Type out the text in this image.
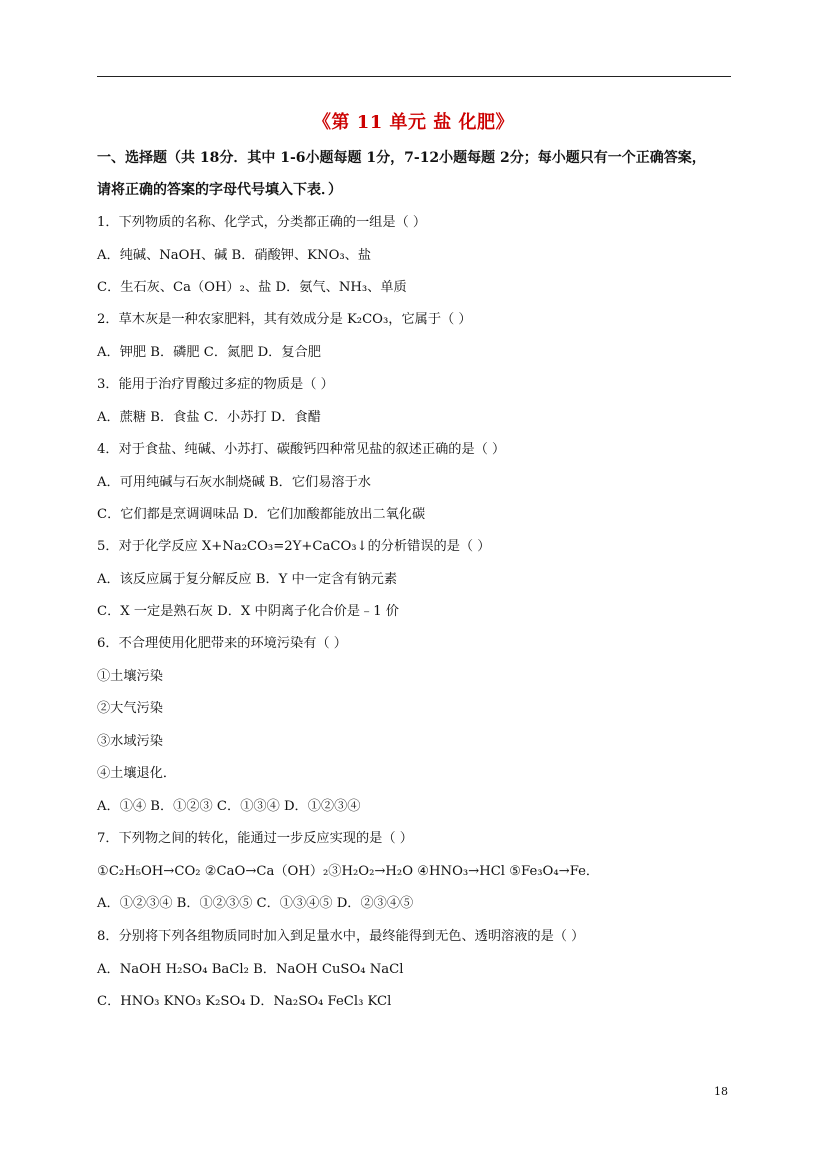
《第 11 单元 盐 化肥》
一、选择题（共 18分．其中 1-6小题每题 1分，7-12小题每题 2分；每小题只有一个正确答案，
请将正确的答案的字母代号填入下表．）
1．下列物质的名称、化学式，分类都正确的一组是（ ）
A．纯碱、NaOH、碱 B．硝酸钾、KNO₃、盐
C．生石灰、Ca（OH）₂、盐 D．氨气、NH₃、单质
2．草木灰是一种农家肥料，其有效成分是 K₂CO₃，它属于（ ）
A．钾肥 B．磷肥 C．氮肥 D．复合肥
3．能用于治疗胃酸过多症的物质是（ ）
A．蔗糖 B．食盐 C．小苏打 D．食醋
4．对于食盐、纯碱、小苏打、碳酸钙四种常见盐的叙述正确的是（ ）
A．可用纯碱与石灰水制烧碱 B．它们易溶于水
C．它们都是烹调调味品 D．它们加酸都能放出二氧化碳
5．对于化学反应 X+Na₂CO₃=2Y+CaCO₃↓的分析错误的是（ ）
A．该反应属于复分解反应 B．Y 中一定含有钠元素
C．X 一定是熟石灰 D．X 中阴离子化合价是﹣1 价
6．不合理使用化肥带来的环境污染有（ ）
①土壤污染
②大气污染
③水域污染
④土壤退化．
A．①④ B．①②③ C．①③④ D．①②③④
7．下列物之间的转化，能通过一步反应实现的是（ ）
①C₂H₅OH→CO₂ ②CaO→Ca（OH）₂③H₂O₂→H₂O ④HNO₃→HCl ⑤Fe₃O₄→Fe．
A．①②③④ B．①②③⑤ C．①③④⑤ D．②③④⑤
8．分别将下列各组物质同时加入到足量水中，最终能得到无色、透明溶液的是（ ）
A．NaOH H₂SO₄ BaCl₂ B．NaOH CuSO₄ NaCl
C．HNO₃ KNO₃ K₂SO₄ D．Na₂SO₄ FeCl₃ KCl
18
